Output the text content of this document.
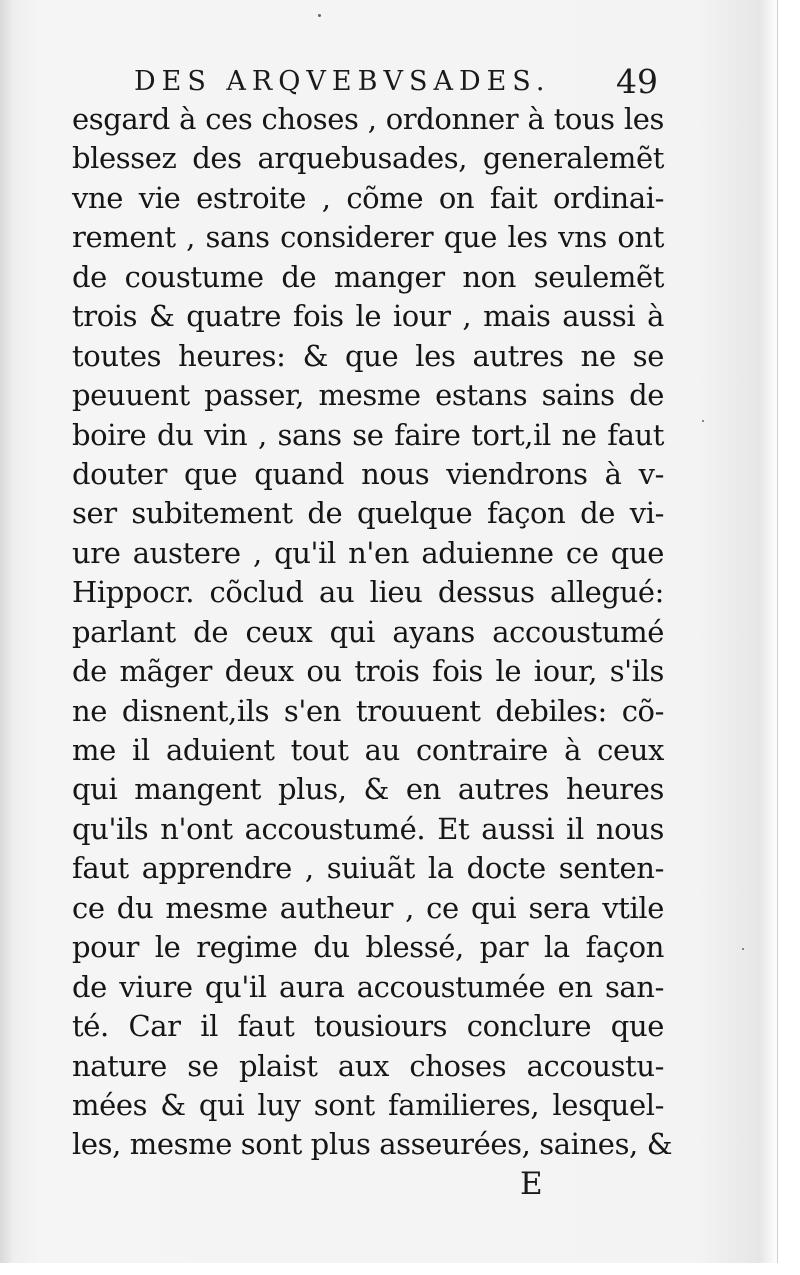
DES ARQVEBVSADES. 49
esgard à ces choses , ordonner à tous les
blessez des arquebusades, generalemẽt
vne vie estroite , cõme on fait ordinai-
rement , sans considerer que les vns ont
de coustume de manger non seulemẽt
trois & quatre fois le iour , mais aussi à
toutes heures: & que les autres ne se
peuuent passer, mesme estans sains de
boire du vin , sans se faire tort,il ne faut
douter que quand nous viendrons à v-
ser subitement de quelque façon de vi-
ure austere , qu'il n'en aduienne ce que
Hippocr. cõclud au lieu dessus allegué:
parlant de ceux qui ayans accoustumé
de mãger deux ou trois fois le iour, s'ils
ne disnent,ils s'en trouuent debiles: cõ-
me il aduient tout au contraire à ceux
qui mangent plus, & en autres heures
qu'ils n'ont accoustumé. Et aussi il nous
faut apprendre , suiuãt la docte senten-
ce du mesme autheur , ce qui sera vtile
pour le regime du blessé, par la façon
de viure qu'il aura accoustumée en san-
té. Car il faut tousiours conclure que
nature se plaist aux choses accoustu-
mées & qui luy sont familieres, lesquel-
les, mesme sont plus asseurées, saines, &
E
